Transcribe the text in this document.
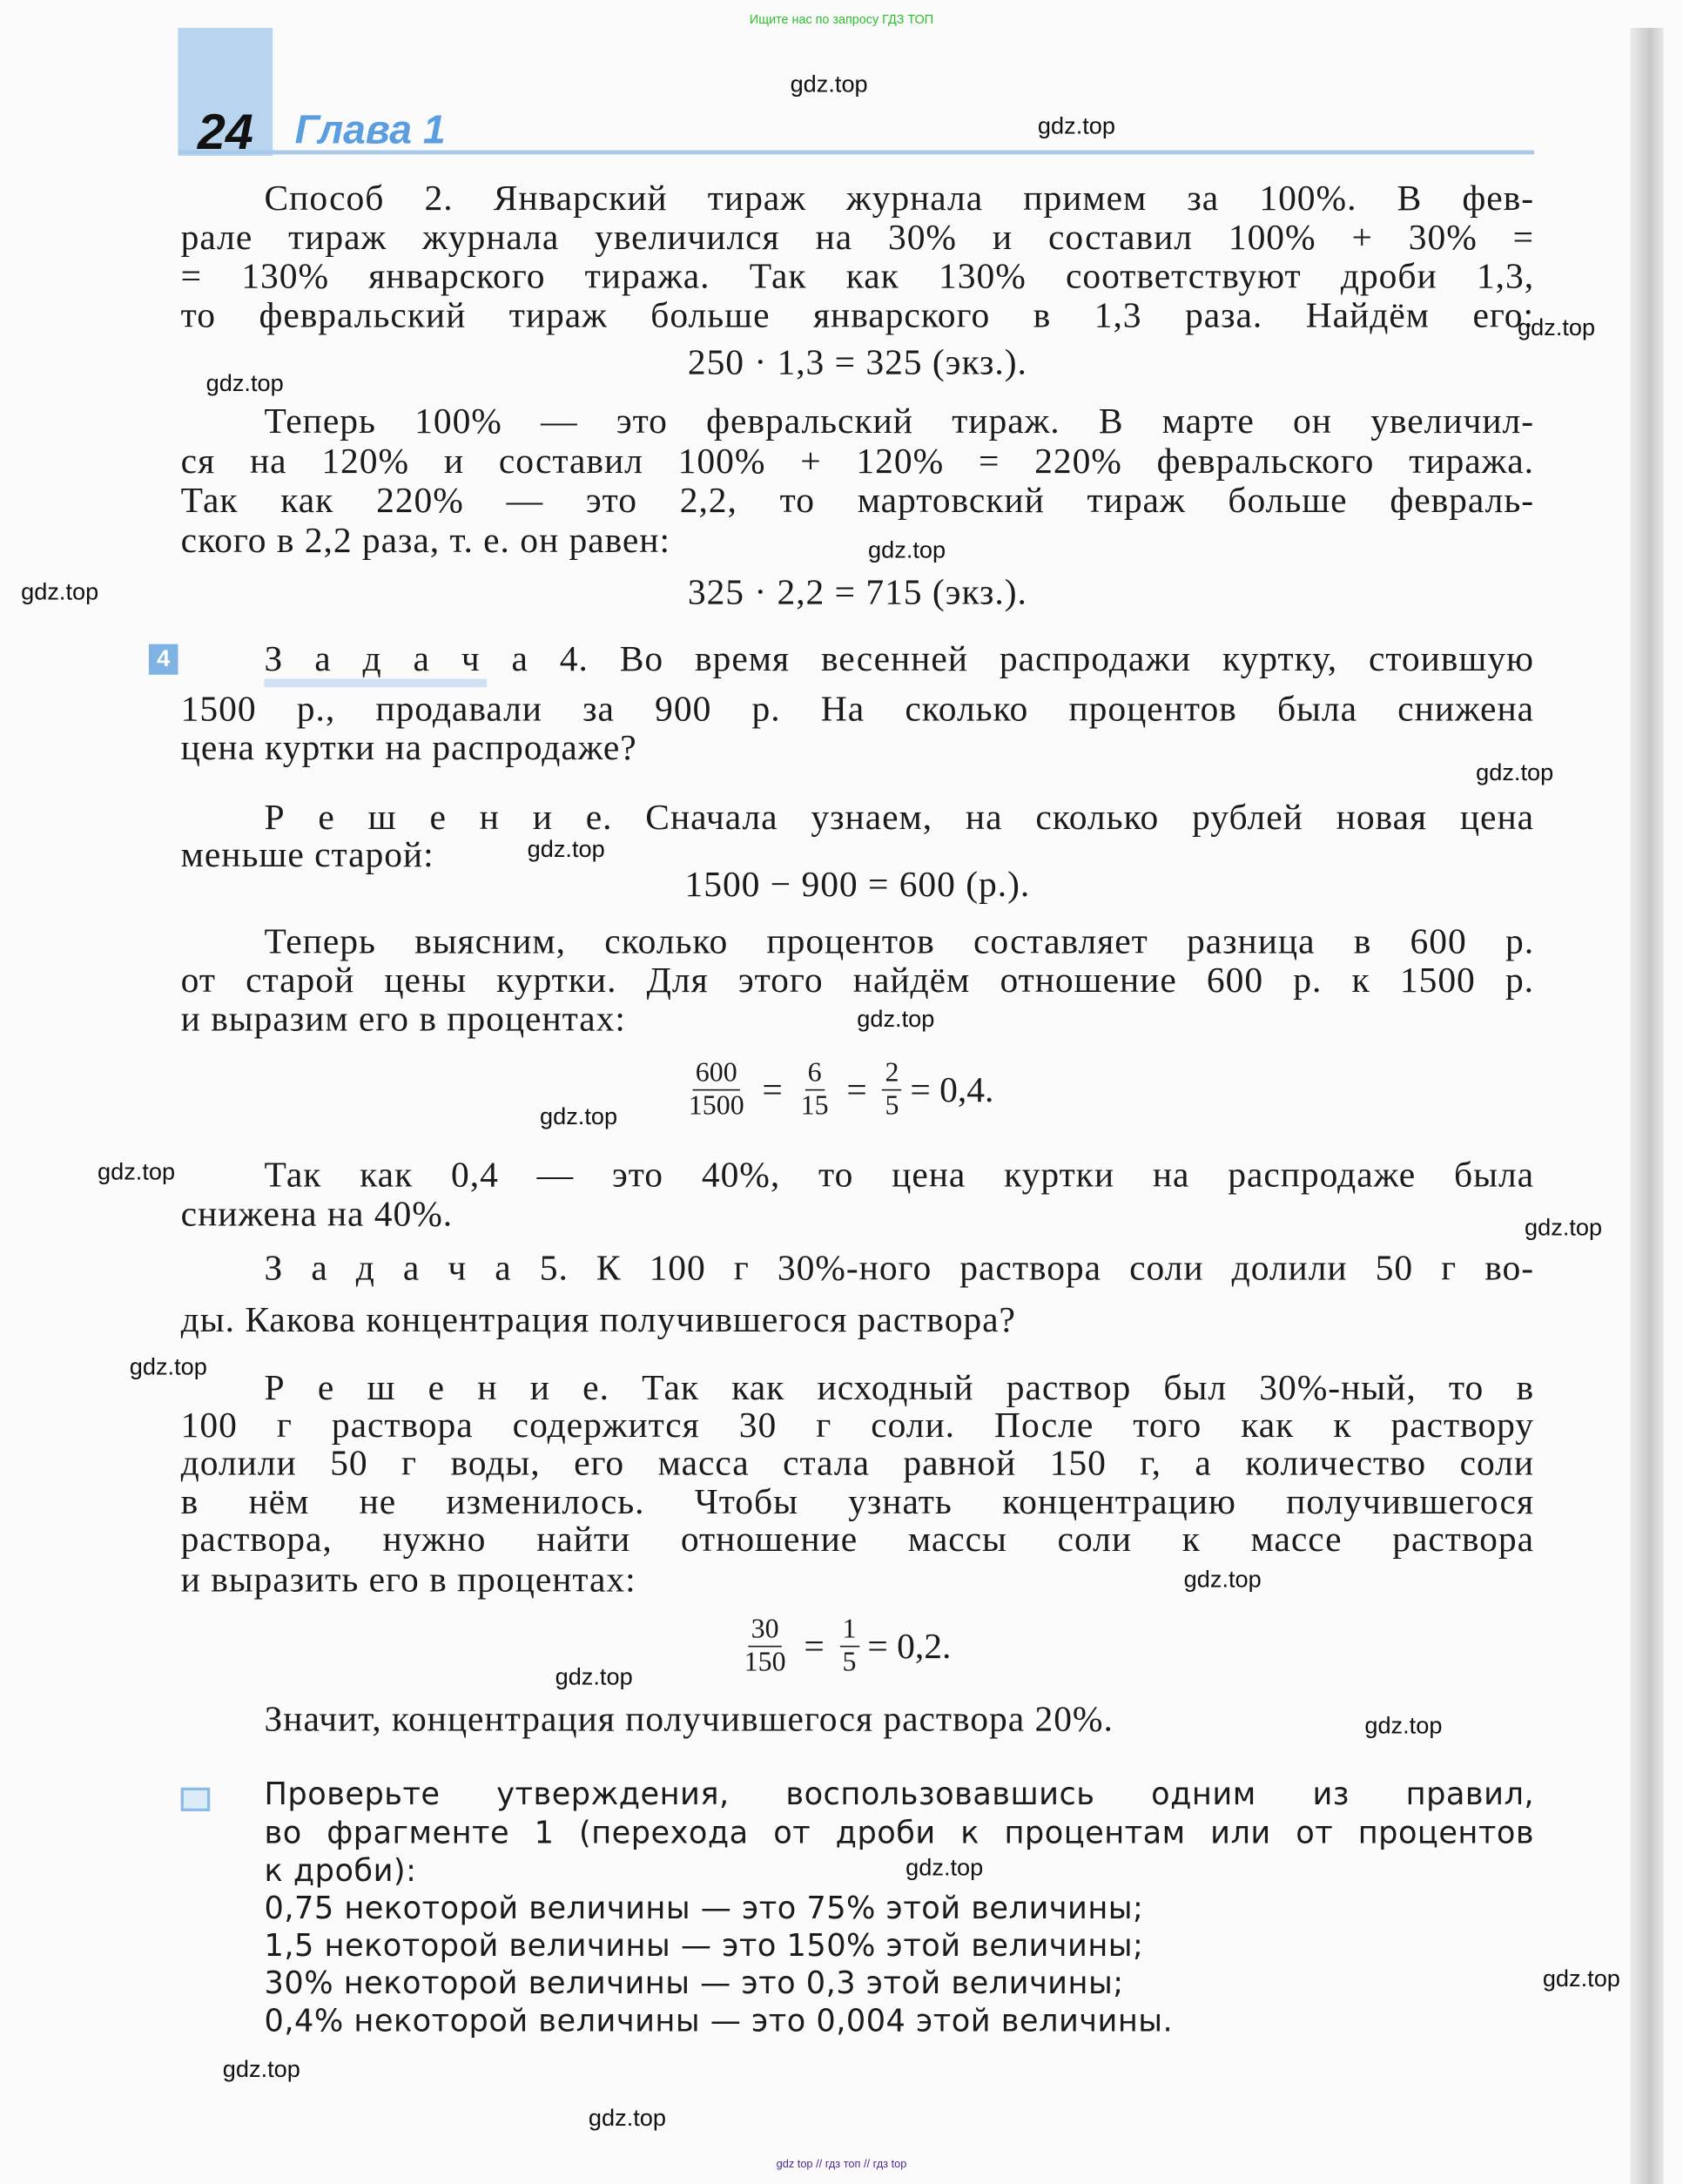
Ищите нас по запросу ГДЗ ТОП
24 Глава 1
4
Способ 2. Январский тираж журнала примем за 100%. В фев-
рале тираж журнала увеличился на 30% и составил 100% + 30% =
= 130% январского тиража. Так как 130% соответствуют дроби 1,3,
то февральский тираж больше январского в 1,3 раза. Найдём его:
250 · 1,3 = 325 (экз.).
Теперь 100% — это февральский тираж. В марте он увеличил-
ся на 120% и составил 100% + 120% = 220% февральского тиража.
Так как 220% — это 2,2, то мартовский тираж больше февраль-
ского в 2,2 раза, т. е. он равен:
325 · 2,2 = 715 (экз.).
З а д а ч а 4. Во время весенней распродажи куртку, стоившую
1500 р., продавали за 900 р. На сколько процентов была снижена
цена куртки на распродаже?
Р е ш е н и е. Сначала узнаем, на сколько рублей новая цена
меньше старой:
1500 − 900 = 600 (р.).
Теперь выясним, сколько процентов составляет разница в 600 р.
от старой цены куртки. Для этого найдём отношение 600 р. к 1500 р.
и выразим его в процентах:
Так как 0,4 — это 40%, то цена куртки на распродаже была
снижена на 40%.
З а д а ч а 5. К 100 г 30%-ного раствора соли долили 50 г во-
ды. Какова концентрация получившегося раствора?
Р е ш е н и е. Так как исходный раствор был 30%-ный, то в
100 г раствора содержится 30 г соли. После того как к раствору
долили 50 г воды, его масса стала равной 150 г, а количество соли
в нём не изменилось. Чтобы узнать концентрацию получившегося
раствора, нужно найти отношение массы соли к массе раствора
и выразить его в процентах:
Значит, концентрация получившегося раствора 20%.
Проверьте утверждения, воспользовавшись одним из правил,
во фрагменте 1 (перехода от дроби к процентам или от процентов
к дроби):
0,75 некоторой величины — это 75% этой величины;
1,5 некоторой величины — это 150% этой величины;
30% некоторой величины — это 0,3 этой величины;
0,4% некоторой величины — это 0,004 этой величины.
$\frac{600}{1500} = \frac{6}{15} = \frac{2}{5} = 0,4$.
$\frac{30}{150} = \frac{1}{5} = 0,2$.
gdz.top
gdz.top
gdz.top
gdz.top
gdz.top
gdz.top
gdz.top
gdz.top
gdz.top
gdz.top
gdz.top
gdz.top
gdz.top
gdz.top
gdz.top
gdz.top
gdz.top
gdz.top
gdz.top
gdz.top
gdz top // гдз топ // гдз top
